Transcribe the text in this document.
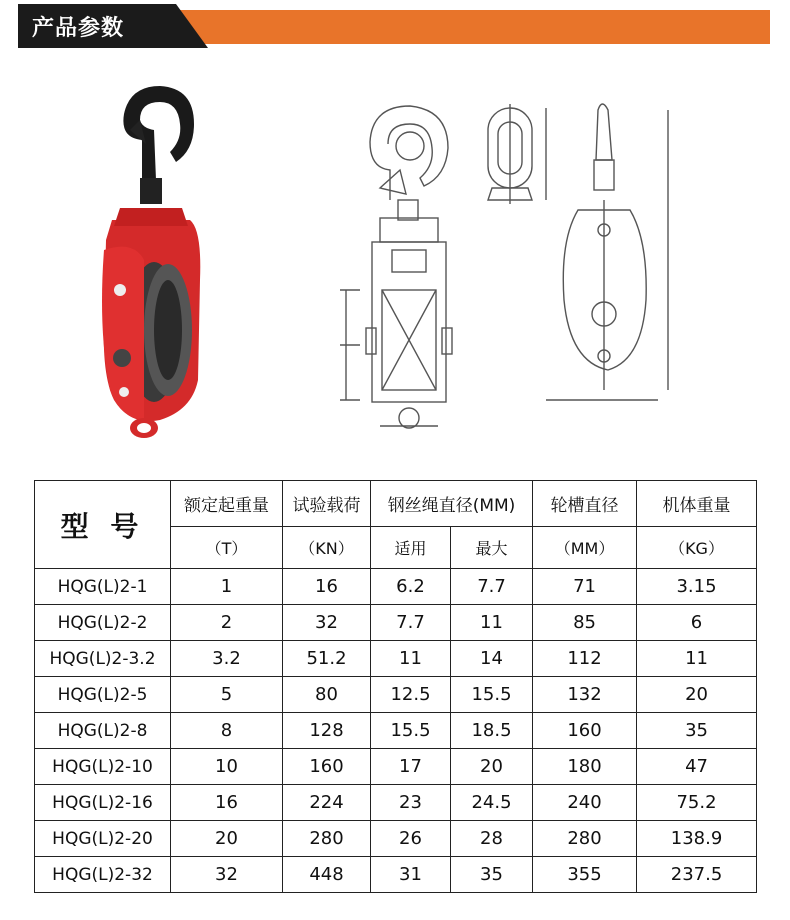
产品参数
型 号	额定起重量	试验载荷	钢丝绳直径(MM)		轮槽直径	机体重量
	（T）	（KN）	适用	最大	（MM）	（KG）
HQG(L)2-1	1	16	6.2	7.7	71	3.15
HQG(L)2-2	2	32	7.7	11	85	6
HQG(L)2-3.2	3.2	51.2	11	14	112	11
HQG(L)2-5	5	80	12.5	15.5	132	20
HQG(L)2-8	8	128	15.5	18.5	160	35
HQG(L)2-10	10	160	17	20	180	47
HQG(L)2-16	16	224	23	24.5	240	75.2
HQG(L)2-20	20	280	26	28	280	138.9
HQG(L)2-32	32	448	31	35	355	237.5
